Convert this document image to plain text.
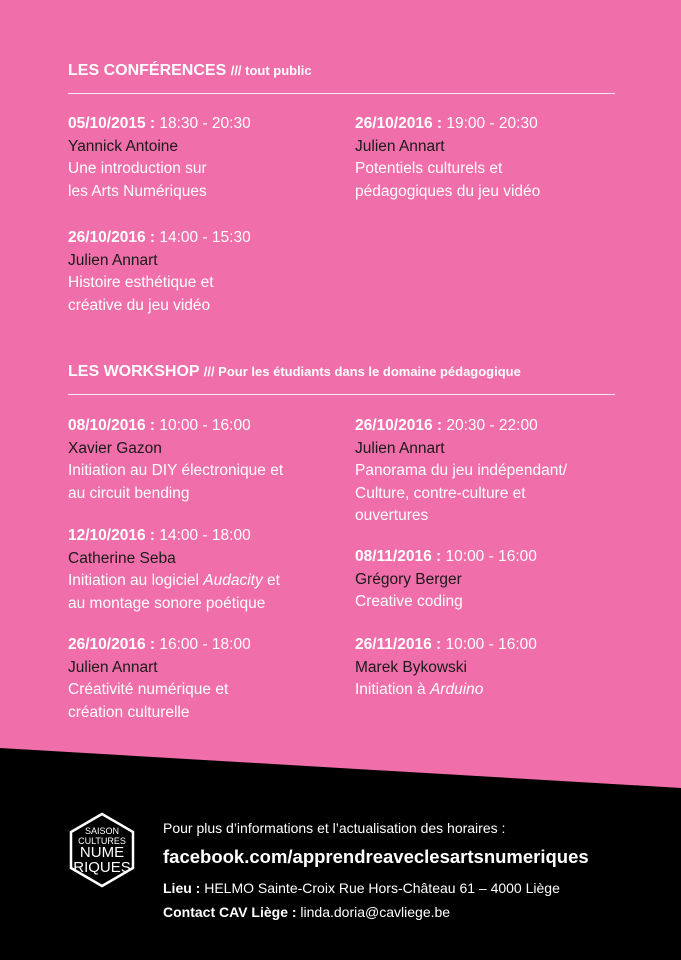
LES CONFÉRENCES /// tout public
05/10/2015 : 18:30 - 20:30
Yannick Antoine
Une introduction sur
les Arts Numériques
26/10/2016 : 19:00 - 20:30
Julien Annart
Potentiels culturels et
pédagogiques du jeu vidéo
26/10/2016 : 14:00 - 15:30
Julien Annart
Histoire esthétique et
créative du jeu vidéo
LES WORKSHOP /// Pour les étudiants dans le domaine pédagogique
08/10/2016 : 10:00 - 16:00
Xavier Gazon
Initiation au DIY électronique et
au circuit bending
12/10/2016 : 14:00 - 18:00
Catherine Seba
Initiation au logiciel Audacity et
au montage sonore poétique
26/10/2016 : 16:00 - 18:00
Julien Annart
Créativité numérique et
création culturelle
26/10/2016 : 20:30 - 22:00
Julien Annart
Panorama du jeu indépendant/
Culture, contre-culture et
ouvertures
08/11/2016 : 10:00 - 16:00
Grégory Berger
Creative coding
26/11/2016 : 10:00 - 16:00
Marek Bykowski
Initiation à Arduino
SAISON
CULTURES
NUME
RIQUES
Pour plus d’informations et l’actualisation des horaires :
facebook.com/apprendreaveclesartsnumeriques
Lieu : HELMO Sainte-Croix Rue Hors-Château 61 – 4000 Liège
Contact CAV Liège : linda.doria@cavliege.be
